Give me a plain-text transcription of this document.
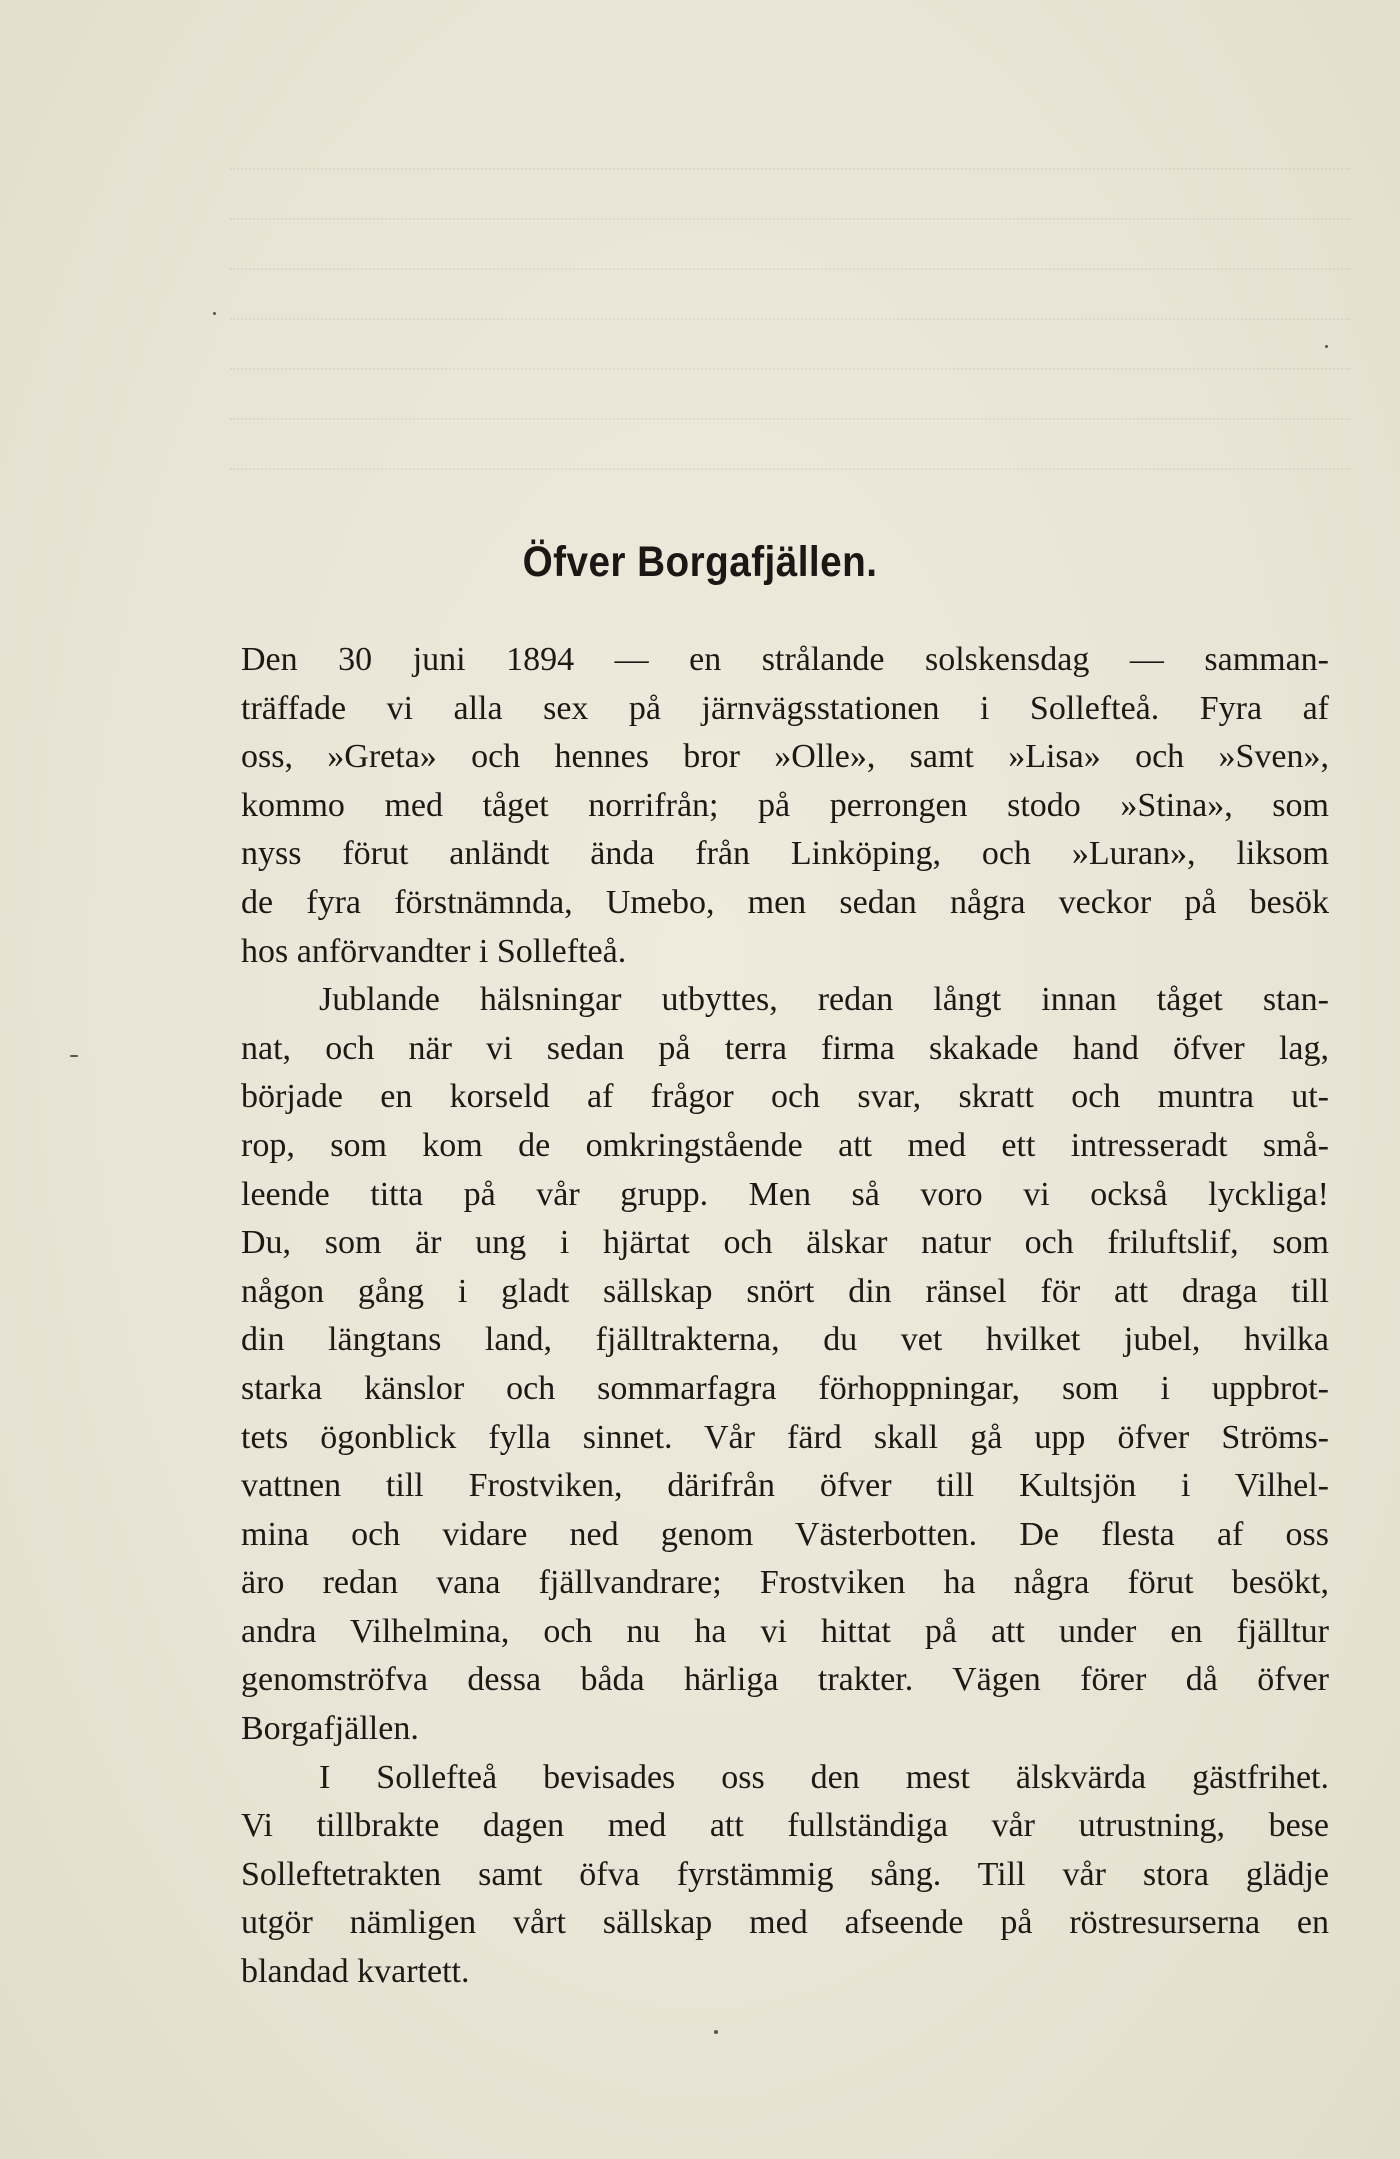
Öfver Borgafjällen.
Den 30 juni 1894 — en strålande solskensdag — samman-
träffade vi alla sex på järnvägsstationen i Sollefteå. Fyra af
oss, »Greta» och hennes bror »Olle», samt »Lisa» och »Sven»,
kommo med tåget norrifrån; på perrongen stodo »Stina», som
nyss förut anländt ända från Linköping, och »Luran», liksom
de fyra förstnämnda, Umebo, men sedan några veckor på besök
hos anförvandter i Sollefteå.
Jublande hälsningar utbyttes, redan långt innan tåget stan-
nat, och när vi sedan på terra firma skakade hand öfver lag,
började en korseld af frågor och svar, skratt och muntra ut-
rop, som kom de omkringstående att med ett intresseradt små-
leende titta på vår grupp. Men så voro vi också lyckliga!
Du, som är ung i hjärtat och älskar natur och friluftslif, som
någon gång i gladt sällskap snört din ränsel för att draga till
din längtans land, fjälltrakterna, du vet hvilket jubel, hvilka
starka känslor och sommarfagra förhoppningar, som i uppbrot-
tets ögonblick fylla sinnet. Vår färd skall gå upp öfver Ströms-
vattnen till Frostviken, därifrån öfver till Kultsjön i Vilhel-
mina och vidare ned genom Västerbotten. De flesta af oss
äro redan vana fjällvandrare; Frostviken ha några förut besökt,
andra Vilhelmina, och nu ha vi hittat på att under en fjälltur
genomströfva dessa båda härliga trakter. Vägen förer då öfver
Borgafjällen.
I Sollefteå bevisades oss den mest älskvärda gästfrihet.
Vi tillbrakte dagen med att fullständiga vår utrustning, bese
Solleftetrakten samt öfva fyrstämmig sång. Till vår stora glädje
utgör nämligen vårt sällskap med afseende på röstresurserna en
blandad kvartett.
